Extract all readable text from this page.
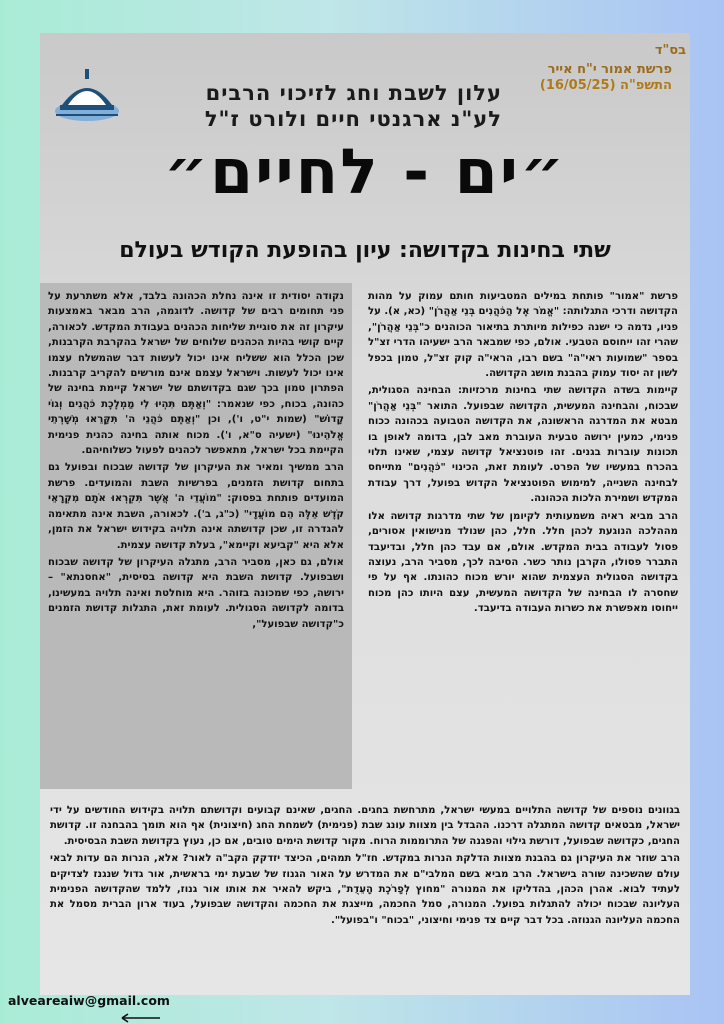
בס"ד
פרשת אמור י"ח אייר
התשפ"ה (16/05/25)
עלון לשבת וחג לזיכוי הרבים
לע"נ ארגנטי חיים ולורט ז"ל
״ים - לחיים״
שתי בחינות בקדושה: עיון בהופעת הקודש בעולם

פרשת "אמור" פותחת במילים המטביעות חותם עמוק על מהות הקדושה ודרכי התגלותה: "אֱמֹר אֶל הַכֹּהֲנִים בְּנֵי אַהֲרֹן" (כא, א). על פניו, נדמה כי ישנה כפילות מיותרת בתיאור הכוהנים כ"בְּנֵי אַהֲרֹן", שהרי זהו ייחוסם הטבעי. אולם, כפי שמבאר הרב ישעיהו הדרי זצ"ל בספר "שמועות ראי"ה" בשם רבו, הראי"ה קוק זצ"ל, טמון בכפל לשון זה יסוד עמוק בהבנת מושג הקדושה.

קיימות בשדה הקדושה שתי בחינות מרכזיות: הבחינה הסגולית, שבכוח, והבחינה המעשית, הקדושה שבפועל. התואר "בְּנֵי אַהֲרֹן" מבטא את המדרגה הראשונה, את הקדושה הטבועה בכהונה ככוח פנימי, כמעין ירושה טבעית העוברת מאב לבן, בדומה לאופן בו תכונות עוברות בגנים. זהו פוטנציאל קדושה עצמי, שאינו תלוי בהכרח במעשיו של הפרט. לעומת זאת, הכינוי "כֹּהֲנִים" מתייחס לבחינה השנייה, למימוש הפוטנציאל הקדוש בפועל, דרך עבודת המקדש ושמירת הלכות הכהונה.

הרב מביא ראיה משמעותית לקיומן של שתי מדרגות קדושה אלו מההלכה הנוגעת לכהן חלל. חלל, כהן שנולד מנישואין אסורים, פסול לעבודה בבית המקדש. אולם, אם עבד כהן חלל, ובדיעבד התברר פסולו, הקרבן נותר כשר. הסיבה לכך, מסביר הרב, נעוצה בקדושה הסגולית העצמית שהוא יורש מכוח כהונתו. אף על פי שחסרה לו הבחינה של הקדושה המעשית, עצם היותו כהן מכוח ייחוסו מאפשרת את כשרות העבודה בדיעבד.

נקודה יסודית זו אינה נחלת הכהונה בלבד, אלא משתרעת על פני תחומים רבים של קדושה. לדוגמה, הרב מבאר באמצעות עיקרון זה את סוגיית שליחות הכהנים בעבודת המקדש. לכאורה, קיים קושי בהיות הכהנים שלוחים של ישראל בהקרבת הקרבנות, שכן הכלל הוא ששליח אינו יכול לעשות דבר שהמשלח עצמו אינו יכול לעשות. וישראל עצמם אינם מורשים להקריב קרבנות. הפתרון טמון בכך שגם בקדושתם של ישראל קיימת בחינה של כהונה, בכוח, כפי שנאמר: "וְאַתֶּם תִּהְיוּ לִי מַמְלֶכֶת כֹּהֲנִים וְגוֹי קָדוֹשׁ" (שמות י"ט, ו'), וכן "וְאַתֶּם כֹּהֲנֵי ה' תִּקָּרֵאוּ מְשָׁרְתֵי אֱלֹהֵינוּ" (ישעיה ס"א, ו'). מכוח אותה בחינה כהנית פנימית הקיימת בכל ישראל, מתאפשר לכהנים לפעול כשלוחיהם.

הרב ממשיך ומאיר את העיקרון של קדושה שבכוח ובפועל גם בתחום קדושת הזמנים, בפרשיות השבת והמועדים. פרשת המועדים פותחת בפסוק: "מוֹעֲדֵי ה' אֲשֶׁר תִּקְרְאוּ אֹתָם מִקְרָאֵי קֹדֶשׁ אֵלֶּה הֵם מוֹעֲדָי" (כ"ג, ב'). לכאורה, השבת אינה מתאימה להגדרה זו, שכן קדושתה אינה תלויה בקידוש ישראל את הזמן, אלא היא "קביעא וקיימא", בעלת קדושה עצמית.

אולם, גם כאן, מסביר הרב, מתגלה העיקרון של קדושה שבכוח ושבפועל. קדושת השבת היא קדושה בסיסית, "אחסנתא" – ירושה, כפי שמכונה בזוהר. היא מוחלטת ואינה תלויה במעשינו, בדומה לקדושה הסגולית. לעומת זאת, התגלות קדושת הזמנים כ"קדושה שבפועל",

בגוונים נוספים של קדושה התלויים במעשי ישראל, מתרחשת בחגים. החגים, שאינם קבועים וקדושתם תלויה בקידוש החודשים על ידי ישראל, מבטאים קדושה המתגלה דרכנו. ההבדל בין מצוות עונג שבת (פנימית) לשמחת החג (חיצונית) אף הוא תומך בהבחנה זו. קדושת החגים, כקדושה שבפועל, דורשת גילוי והפגנה של התרוממות הרוח. מקור קדושת הימים טובים, אם כן, נעוץ בקדושת השבת הבסיסית.

הרב שוזר את העיקרון גם בהבנת מצוות הדלקת הנרות במקדש. חז"ל תמהים, הכיצד יזדקק הקב"ה לאור? אלא, הנרות הם עדות לבאי עולם שהשכינה שורה בישראל. הרב מביא בשם המלבי"ם את המדרש על האור הגנוז של שבעת ימי בראשית, אור גדול שנגנז לצדיקים לעתיד לבוא. אהרן הכהן, בהדליקו את המנורה "מחוץ לְפָרֹכֶת הָעֵדֻת", ביקש להאיר את אותו אור גנוז, ללמד שהקדושה הפנימית העליונה שבכוח יכולה להתגלות בפועל. המנורה, סמל החכמה, מייצגת את החכמה והקדושה שבפועל, בעוד ארון הברית מסמל את החכמה העליונה הגנוזה. בכל דבר קיים צד פנימי וחיצוני, "בכוח" ו"בפועל".

alveareaiw@gmail.com
